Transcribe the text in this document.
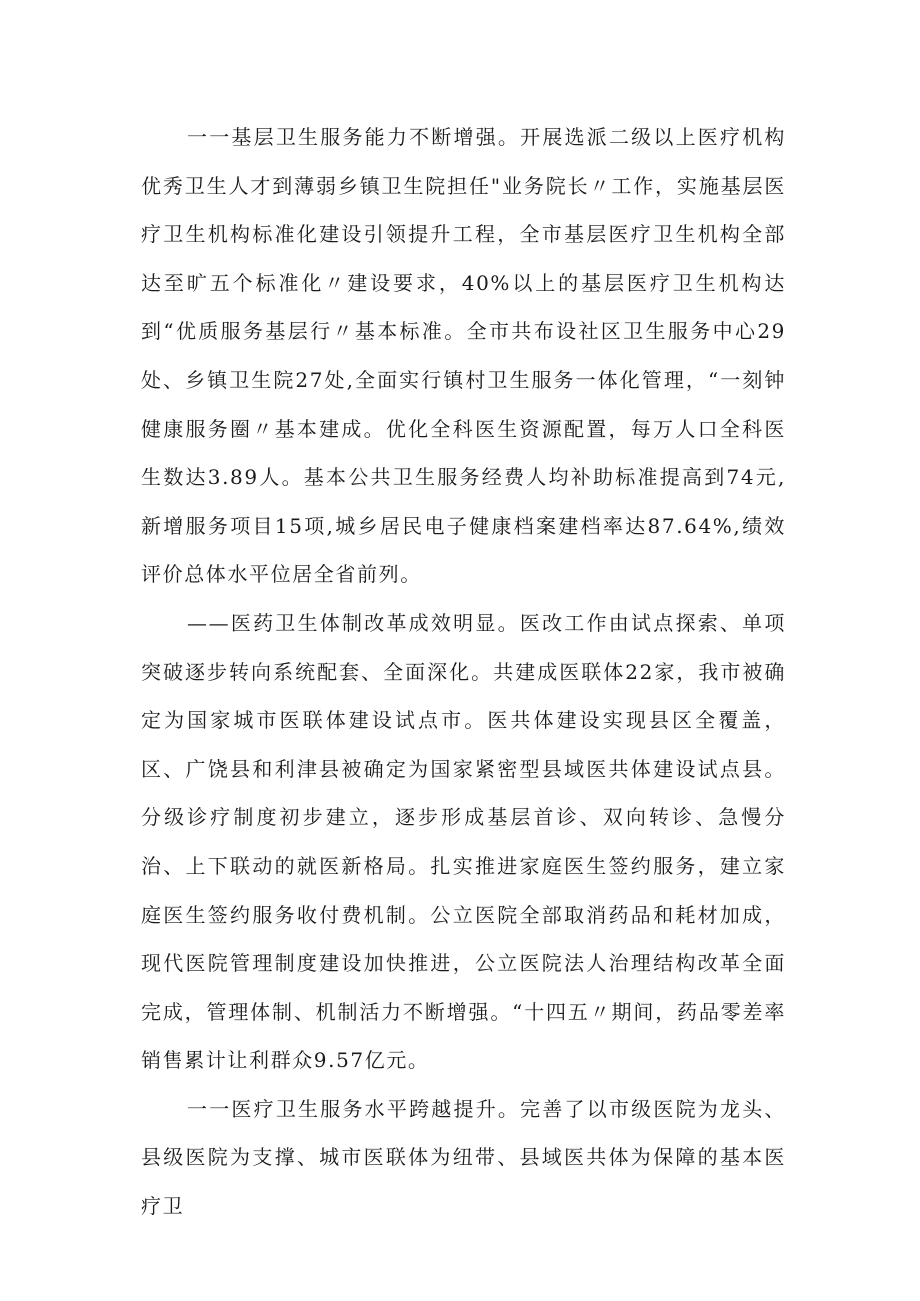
一一基层卫生服务能力不断增强。开展选派二级以上医疗机构优秀卫生人才到薄弱乡镇卫生院担任"业务院长〃工作，实施基层医疗卫生机构标准化建设引领提升工程，全市基层医疗卫生机构全部达至旷五个标准化〃建设要求，40%以上的基层医疗卫生机构达到“优质服务基层行〃基本标准。全市共布设社区卫生服务中心29处、乡镇卫生院27处,全面实行镇村卫生服务一体化管理，“一刻钟健康服务圈〃基本建成。优化全科医生资源配置，每万人口全科医生数达3.89人。基本公共卫生服务经费人均补助标准提高到74元,新增服务项目15项,城乡居民电子健康档案建档率达87.64%,绩效评价总体水平位居全省前列。

——医药卫生体制改革成效明显。医改工作由试点探索、单项突破逐步转向系统配套、全面深化。共建成医联体22家，我市被确定为国家城市医联体建设试点市。医共体建设实现县区全覆盖，区、广饶县和利津县被确定为国家紧密型县域医共体建设试点县。分级诊疗制度初步建立，逐步形成基层首诊、双向转诊、急慢分治、上下联动的就医新格局。扎实推进家庭医生签约服务，建立家庭医生签约服务收付费机制。公立医院全部取消药品和耗材加成，现代医院管理制度建设加快推进，公立医院法人治理结构改革全面完成，管理体制、机制活力不断增强。“十四五〃期间，药品零差率销售累计让利群众9.57亿元。

一一医疗卫生服务水平跨越提升。完善了以市级医院为龙头、县级医院为支撑、城市医联体为纽带、县域医共体为保障的基本医疗卫
